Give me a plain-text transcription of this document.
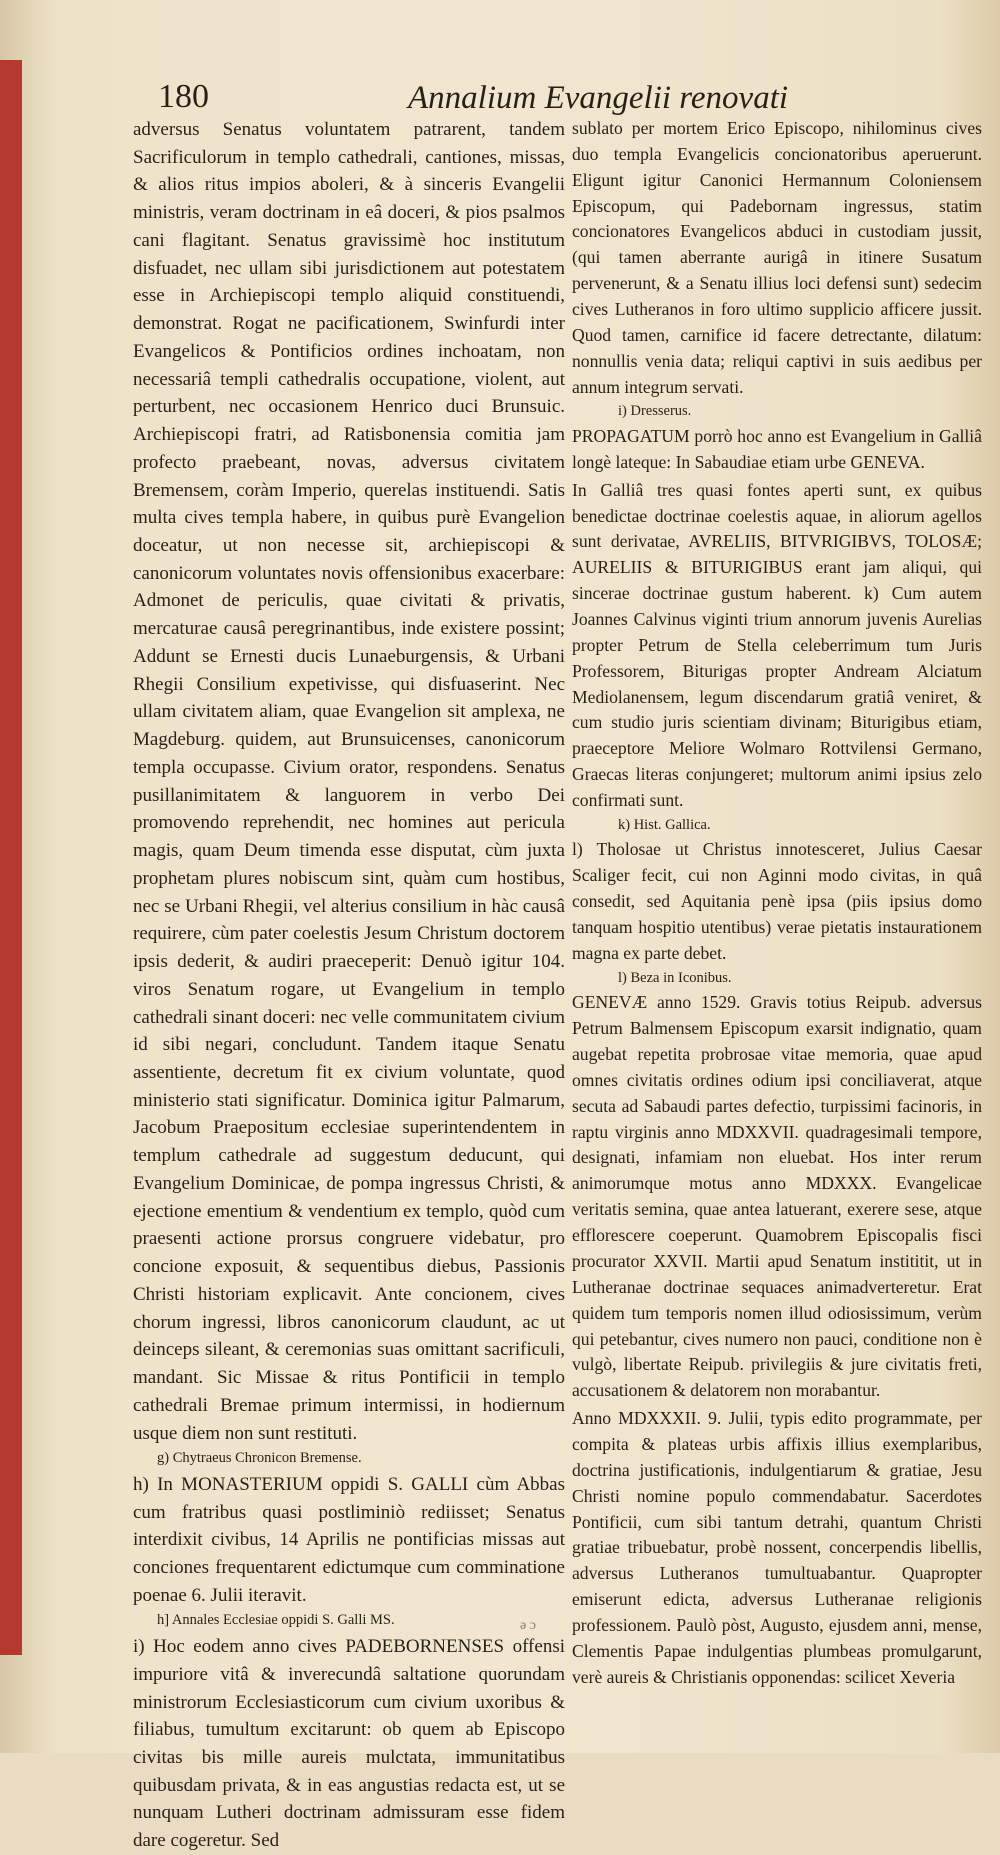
180	Annalium Evangelii renovati

adversus Senatus voluntatem patrarent, tandem Sacrificulorum in templo cathedrali, cantiones, missas, & alios ritus impios aboleri, & à sinceris Evangelii ministris, veram doctrinam in eâ doceri, & pios psalmos cani flagitant. Senatus gravissimè hoc institutum disfuadet, nec ullam sibi jurisdictionem aut potestatem esse in Archiepiscopi templo aliquid constituendi, demonstrat. Rogat ne pacificationem, Swinfurdi inter Evangelicos & Pontificios ordines inchoatam, non necessariâ templi cathedralis occupatione, violent, aut perturbent, nec occasionem Henrico duci Brunsuic. Archiepiscopi fratri, ad Ratisbonensia comitia jam profecto praebeant, novas, adversus civitatem Bremensem, coràm Imperio, querelas instituendi. Satis multa cives templa habere, in quibus purè Evangelion doceatur, ut non necesse sit, archiepiscopi & canonicorum voluntates novis offensionibus exacerbare: Admonet de periculis, quae civitati & privatis, mercaturae causâ peregrinantibus, inde existere possint; Addunt se Ernesti ducis Lunaeburgensis, & Urbani Rhegii Consilium expetivisse, qui disfuaserint. Nec ullam civitatem aliam, quae Evangelion sit amplexa, ne Magdeburg. quidem, aut Brunsuicenses, canonicorum templa occupasse. Civium orator, respondens. Senatus pusillanimitatem & languorem in verbo Dei promovendo reprehendit, nec homines aut pericula magis, quam Deum timenda esse disputat, cùm juxta prophetam plures nobiscum sint, quàm cum hostibus, nec se Urbani Rhegii, vel alterius consilium in hàc causâ requirere, cùm pater coelestis Jesum Christum doctorem ipsis dederit, & audiri praeceperit: Denuò igitur 104. viros Senatum rogare, ut Evangelium in templo cathedrali sinant doceri: nec velle communitatem civium id sibi negari, concludunt. Tandem itaque Senatu assentiente, decretum fit ex civium voluntate, quod ministerio stati significatur. Dominica igitur Palmarum, Jacobum Praepositum ecclesiae superintendentem in templum cathedrale ad suggestum deducunt, qui Evangelium Dominicae, de pompa ingressus Christi, & ejectione ementium & vendentium ex templo, quòd cum praesenti actione prorsus congruere videbatur, pro concione exposuit, & sequentibus diebus, Passionis Christi historiam explicavit. Ante concionem, cives chorum ingressi, libros canonicorum claudunt, ac ut deinceps sileant, & ceremonias suas omittant sacrificuli, mandant. Sic Missae & ritus Pontificii in templo cathedrali Bremae primum intermissi, in hodiernum usque diem non sunt restituti.

g) Chytraeus Chronicon Bremense.

h) In MONASTERIUM oppidi S. GALLI cùm Abbas cum fratribus quasi postliminiò rediisset; Senatus interdixit civibus, 14 Aprilis ne pontificias missas aut conciones frequentarent edictumque cum comminatione poenae 6. Julii iteravit.

h] Annales Ecclesiae oppidi S. Galli MS.

i) Hoc eodem anno cives PADEBORNENSES offensi impuriore vitâ & inverecundâ saltatione quorundam ministrorum Ecclesiasticorum cum civium uxoribus & filiabus, tumultum excitarunt: ob quem ab Episcopo civitas bis mille aureis mulctata, immunitatibus quibusdam privata, & in eas angustias redacta est, ut se nunquam Lutheri doctrinam admissuram esse fidem dare cogeretur. Sed

sublato per mortem Erico Episcopo, nihilominus cives duo templa Evangelicis concionatoribus aperuerunt. Eligunt igitur Canonici Hermannum Coloniensem Episcopum, qui Padebornam ingressus, statim concionatores Evangelicos abduci in custodiam jussit, (qui tamen aberrante aurigâ in itinere Susatum pervenerunt, & a Senatu illius loci defensi sunt) sedecim cives Lutheranos in foro ultimo supplicio afficere jussit. Quod tamen, carnifice id facere detrectante, dilatum: nonnullis venia data; reliqui captivi in suis aedibus per annum integrum servati.

i) Dresserus.

PROPAGATUM porrò hoc anno est Evangelium in Galliâ longè lateque: In Sabaudiae etiam urbe GENEVA.

In Galliâ tres quasi fontes aperti sunt, ex quibus benedictae doctrinae coelestis aquae, in aliorum agellos sunt derivatae, AVRELIIS, BITVRIGIBVS, TOLOSÆ; AURELIIS & BITURIGIBUS erant jam aliqui, qui sincerae doctrinae gustum haberent. k) Cum autem Joannes Calvinus viginti trium annorum juvenis Aurelias propter Petrum de Stella celeberrimum tum Juris Professorem, Biturigas propter Andream Alciatum Mediolanensem, legum discendarum gratiâ veniret, & cum studio juris scientiam divinam; Biturigibus etiam, praeceptore Meliore Wolmaro Rottvilensi Germano, Graecas literas conjungeret; multorum animi ipsius zelo confirmati sunt.

k) Hist. Gallica.

l) Tholosae ut Christus innotesceret, Julius Caesar Scaliger fecit, cui non Aginni modo civitas, in quâ consedit, sed Aquitania penè ipsa (piis ipsius domo tanquam hospitio utentibus) verae pietatis instaurationem magna ex parte debet.

l) Beza in Iconibus.

GENEVÆ anno 1529. Gravis totius Reipub. adversus Petrum Balmensem Episcopum exarsit indignatio, quam augebat repetita probrosae vitae memoria, quae apud omnes civitatis ordines odium ipsi conciliaverat, atque secuta ad Sabaudi partes defectio, turpissimi facinoris, in raptu virginis anno MDXXVII. quadragesimali tempore, designati, infamiam non eluebat. Hos inter rerum animorumque motus anno MDXXX. Evangelicae veritatis semina, quae antea latuerant, exerere sese, atque efflorescere coeperunt. Quamobrem Episcopalis fisci procurator XXVII. Martii apud Senatum instititit, ut in Lutheranae doctrinae sequaces animadverteretur. Erat quidem tum temporis nomen illud odiosissimum, verùm qui petebantur, cives numero non pauci, conditione non è vulgò, libertate Reipub. privilegiis & jure civitatis freti, accusationem & delatorem non morabantur.

Anno MDXXXII. 9. Julii, typis edito programmate, per compita & plateas urbis affixis illius exemplaribus, doctrina justificationis, indulgentiarum & gratiae, Jesu Christi nomine populo commendabatur. Sacerdotes Pontificii, cum sibi tantum detrahi, quantum Christi gratiae tribuebatur, probè nossent, concerpendis libellis, adversus Lutheranos tumultuabantur. Quapropter emiserunt edicta, adversus Lutheranae religionis professionem. Paulò pòst, Augusto, ejusdem anni, mense, Clementis Papae indulgentias plumbeas promulgarunt, verè aureis & Christianis opponendas: scilicet Xeveria

ə ɔ
